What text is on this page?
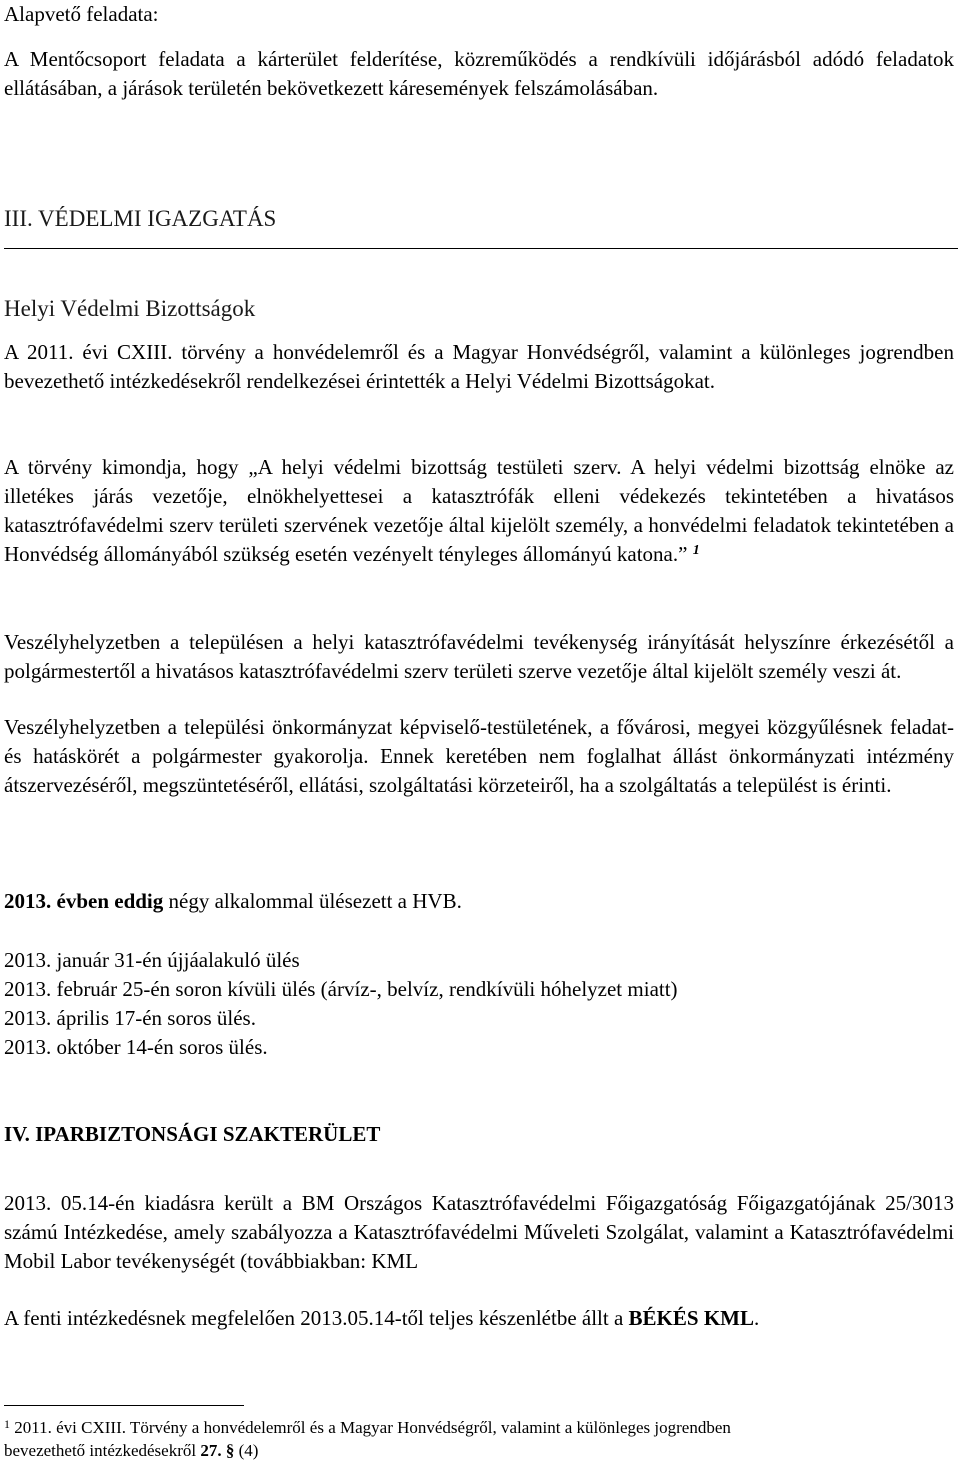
Alapvető feladata:

A Mentőcsoport feladata a kárterület felderítése, közreműködés a rendkívüli időjárásból adódó feladatok ellátásában, a járások területén bekövetkezett káresemények felszámolásában.

III. VÉDELMI IGAZGATÁS

Helyi Védelmi Bizottságok

A 2011. évi CXIII. törvény a honvédelemről és a Magyar Honvédségről, valamint a különleges jogrendben bevezethető intézkedésekről rendelkezései érintették a Helyi Védelmi Bizottságokat.

A törvény kimondja, hogy „A helyi védelmi bizottság testületi szerv. A helyi védelmi bizottság elnöke az illetékes járás vezetője, elnökhelyettesei a katasztrófák elleni védekezés tekintetében a hivatásos katasztrófavédelmi szerv területi szervének vezetője által kijelölt személy, a honvédelmi feladatok tekintetében a Honvédség állományából szükség esetén vezényelt tényleges állományú katona.” $^1$

Veszélyhelyzetben a településen a helyi katasztrófavédelmi tevékenység irányítását helyszínre érkezésétől a polgármestertől a hivatásos katasztrófavédelmi szerv területi szerve vezetője által kijelölt személy veszi át.

Veszélyhelyzetben a települési önkormányzat képviselő-testületének, a fővárosi, megyei közgyűlésnek feladat- és hatáskörét a polgármester gyakorolja. Ennek keretében nem foglalhat állást önkormányzati intézmény átszervezéséről, megszüntetéséről, ellátási, szolgáltatási körzeteiről, ha a szolgáltatás a települést is érinti.

2013. évben eddig négy alkalommal ülésezett a HVB.

2013. január 31-én újjáalakuló ülés
2013. február 25-én soron kívüli ülés (árvíz-, belvíz, rendkívüli hóhelyzet miatt)
2013. április 17-én soros ülés.
2013. október 14-én soros ülés.

IV. IPARBIZTONSÁGI SZAKTERÜLET

2013. 05.14-én kiadásra került a BM Országos Katasztrófavédelmi Főigazgatóság Főigazgatójának 25/3013 számú Intézkedése, amely szabályozza a Katasztrófavédelmi Műveleti Szolgálat, valamint a Katasztrófavédelmi Mobil Labor tevékenységét (továbbiakban: KML

A fenti intézkedésnek megfelelően 2013.05.14-től teljes készenlétbe állt a BÉKÉS KML.

$^1$ 2011. évi CXIII. Törvény a honvédelemről és a Magyar Honvédségről, valamint a különleges jogrendben
bevezethető intézkedésekről 27. § (4)
